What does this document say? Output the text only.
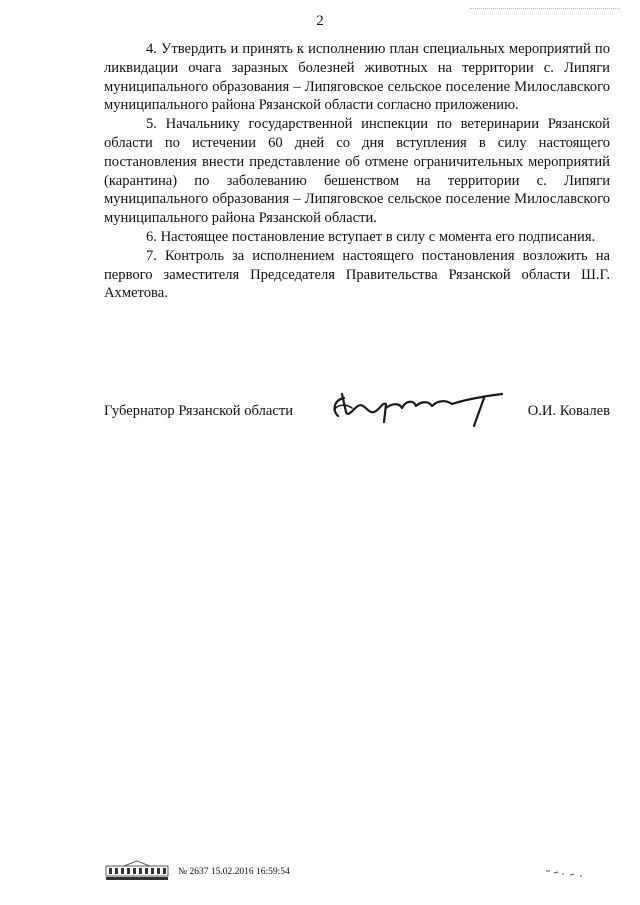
2

4. Утвердить и принять к исполнению план специальных мероприятий по ликвидации очага заразных болезней животных на территории с. Липяги муниципального образования – Липяговское сельское поселение Милославского муниципального района Рязанской области согласно приложению.

5. Начальнику государственной инспекции по ветеринарии Рязанской области по истечении 60 дней со дня вступления в силу настоящего постановления внести представление об отмене ограничительных мероприятий (карантина) по заболеванию бешенством на территории с. Липяги муниципального образования – Липяговское сельское поселение Милославского муниципального района Рязанской области.

6. Настоящее постановление вступает в силу с момента его подписания.

7. Контроль за исполнением настоящего постановления возложить на первого заместителя Председателя Правительства Рязанской области Ш.Г. Ахметова.

Губернатор Рязанской области	О.И. Ковалев
№ 2637 15.02.2016 16:59:54
